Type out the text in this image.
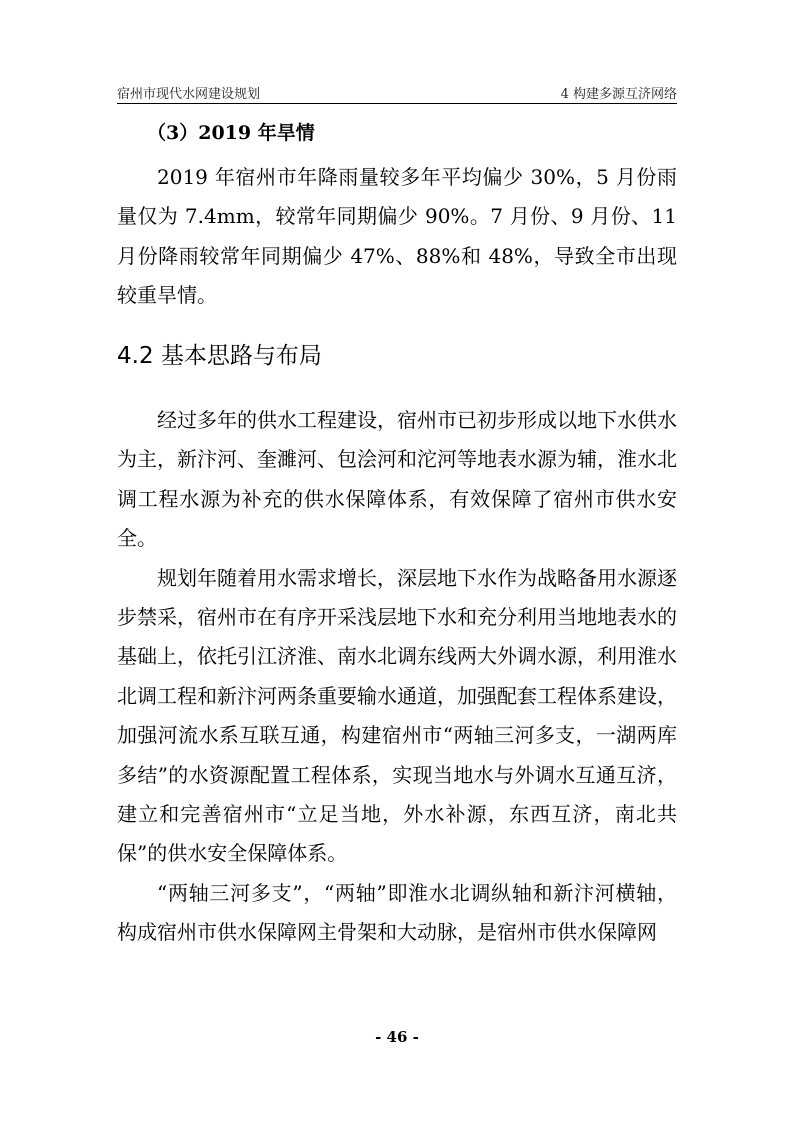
宿州市现代水网建设规划	4 构建多源互济网络
（3）2019 年旱情

2019 年宿州市年降雨量较多年平均偏少 30%，5 月份雨量仅为 7.4mm，较常年同期偏少 90%。7 月份、9 月份、11 月份降雨较常年同期偏少 47%、88%和 48%，导致全市出现较重旱情。

4.2 基本思路与布局

经过多年的供水工程建设，宿州市已初步形成以地下水供水为主，新汴河、奎濉河、包浍河和沱河等地表水源为辅，淮水北调工程水源为补充的供水保障体系，有效保障了宿州市供水安全。

规划年随着用水需求增长，深层地下水作为战略备用水源逐步禁采，宿州市在有序开采浅层地下水和充分利用当地地表水的基础上，依托引江济淮、南水北调东线两大外调水源，利用淮水北调工程和新汴河两条重要输水通道，加强配套工程体系建设，加强河流水系互联互通，构建宿州市“两轴三河多支，一湖两库多结”的水资源配置工程体系，实现当地水与外调水互通互济，建立和完善宿州市“立足当地，外水补源，东西互济，南北共保”的供水安全保障体系。

“两轴三河多支”，“两轴”即淮水北调纵轴和新汴河横轴，构成宿州市供水保障网主骨架和大动脉，是宿州市供水保障网

- 46 -
